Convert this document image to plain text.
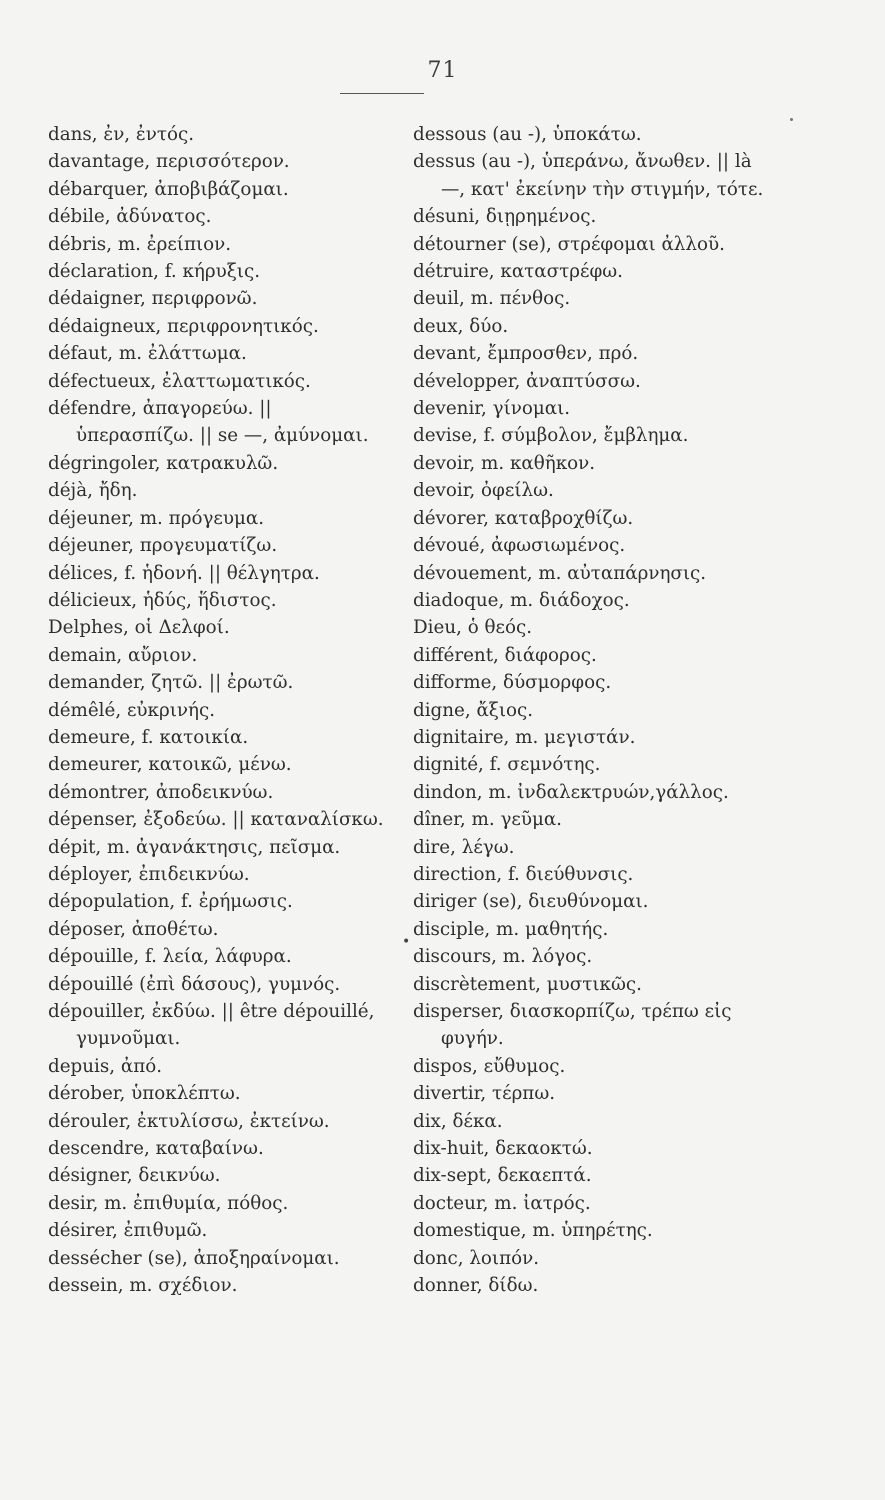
71
dans, ἐν, ἐντός.
davantage, περισσότερον.
débarquer, ἀποβιβάζομαι.
débile, ἀδύνατος.
débris, m. ἐρείπιον.
déclaration, f. κήρυξις.
dédaigner, περιφρονῶ.
dédaigneux, περιφρονητικός.
défaut, m. ἐλάττωμα.
défectueux, ἐλαττωματικός.
défendre, ἀπαγορεύω. || ὑπερασπίζω. || se —, ἀμύνομαι.
dégringoler, κατρακυλῶ.
déjà, ἤδη.
déjeuner, m. πρόγευμα.
déjeuner, προγευματίζω.
délices, f. ἡδονή. || θέλγητρα.
délicieux, ἡδύς, ἥδιστος.
Delphes, οἱ Δελφοί.
demain, αὔριον.
demander, ζητῶ. || ἐρωτῶ.
démêlé, εὐκρινής.
demeure, f. κατοικία.
demeurer, κατοικῶ, μένω.
démontrer, ἀποδεικνύω.
dépenser, ἐξοδεύω. || καταναλίσκω.
dépit, m. ἀγανάκτησις, πεῖσμα.
déployer, ἐπιδεικνύω.
dépopulation, f. ἐρήμωσις.
déposer, ἀποθέτω.
dépouille, f. λεία, λάφυρα.
dépouillé (ἐπὶ δάσους), γυμνός.
dépouiller, ἐκδύω. || être dépouillé, γυμνοῦμαι.
depuis, ἀπό.
dérober, ὑποκλέπτω.
dérouler, ἐκτυλίσσω, ἐκτείνω.
descendre, καταβαίνω.
désigner, δεικνύω.
desir, m. ἐπιθυμία, πόθος.
désirer, ἐπιθυμῶ.
dessécher (se), ἀποξηραίνομαι.
dessein, m. σχέδιον.
dessous (au -), ὑποκάτω.
dessus (au -), ὑπεράνω, ἄνωθεν. || là —, κατ' ἐκείνην τὴν στιγμήν, τότε.
désuni, διῃρημένος.
détourner (se), στρέφομαι ἀλλοῦ.
détruire, καταστρέφω.
deuil, m. πένθος.
deux, δύο.
devant, ἔμπροσθεν, πρό.
développer, ἀναπτύσσω.
devenir, γίνομαι.
devise, f. σύμβολον, ἔμβλημα.
devoir, m. καθῆκον.
devoir, ὀφείλω.
dévorer, καταβροχθίζω.
dévoué, ἀφωσιωμένος.
dévouement, m. αὐταπάρνησις.
diadoque, m. διάδοχος.
Dieu, ὁ θεός.
différent, διάφορος.
difforme, δύσμορφος.
digne, ἄξιος.
dignitaire, m. μεγιστάν.
dignité, f. σεμνότης.
dindon, m. ἰνδαλεκτρυών,γάλλος.
dîner, m. γεῦμα.
dire, λέγω.
direction, f. διεύθυνσις.
diriger (se), διευθύνομαι.
disciple, m. μαθητής.
discours, m. λόγος.
discrètement, μυστικῶς.
disperser, διασκορπίζω, τρέπω εἰς φυγήν.
dispos, εὔθυμος.
divertir, τέρπω.
dix, δέκα.
dix-huit, δεκαοκτώ.
dix-sept, δεκαεπτά.
docteur, m. ἰατρός.
domestique, m. ὑπηρέτης.
donc, λοιπόν.
donner, δίδω.
•
